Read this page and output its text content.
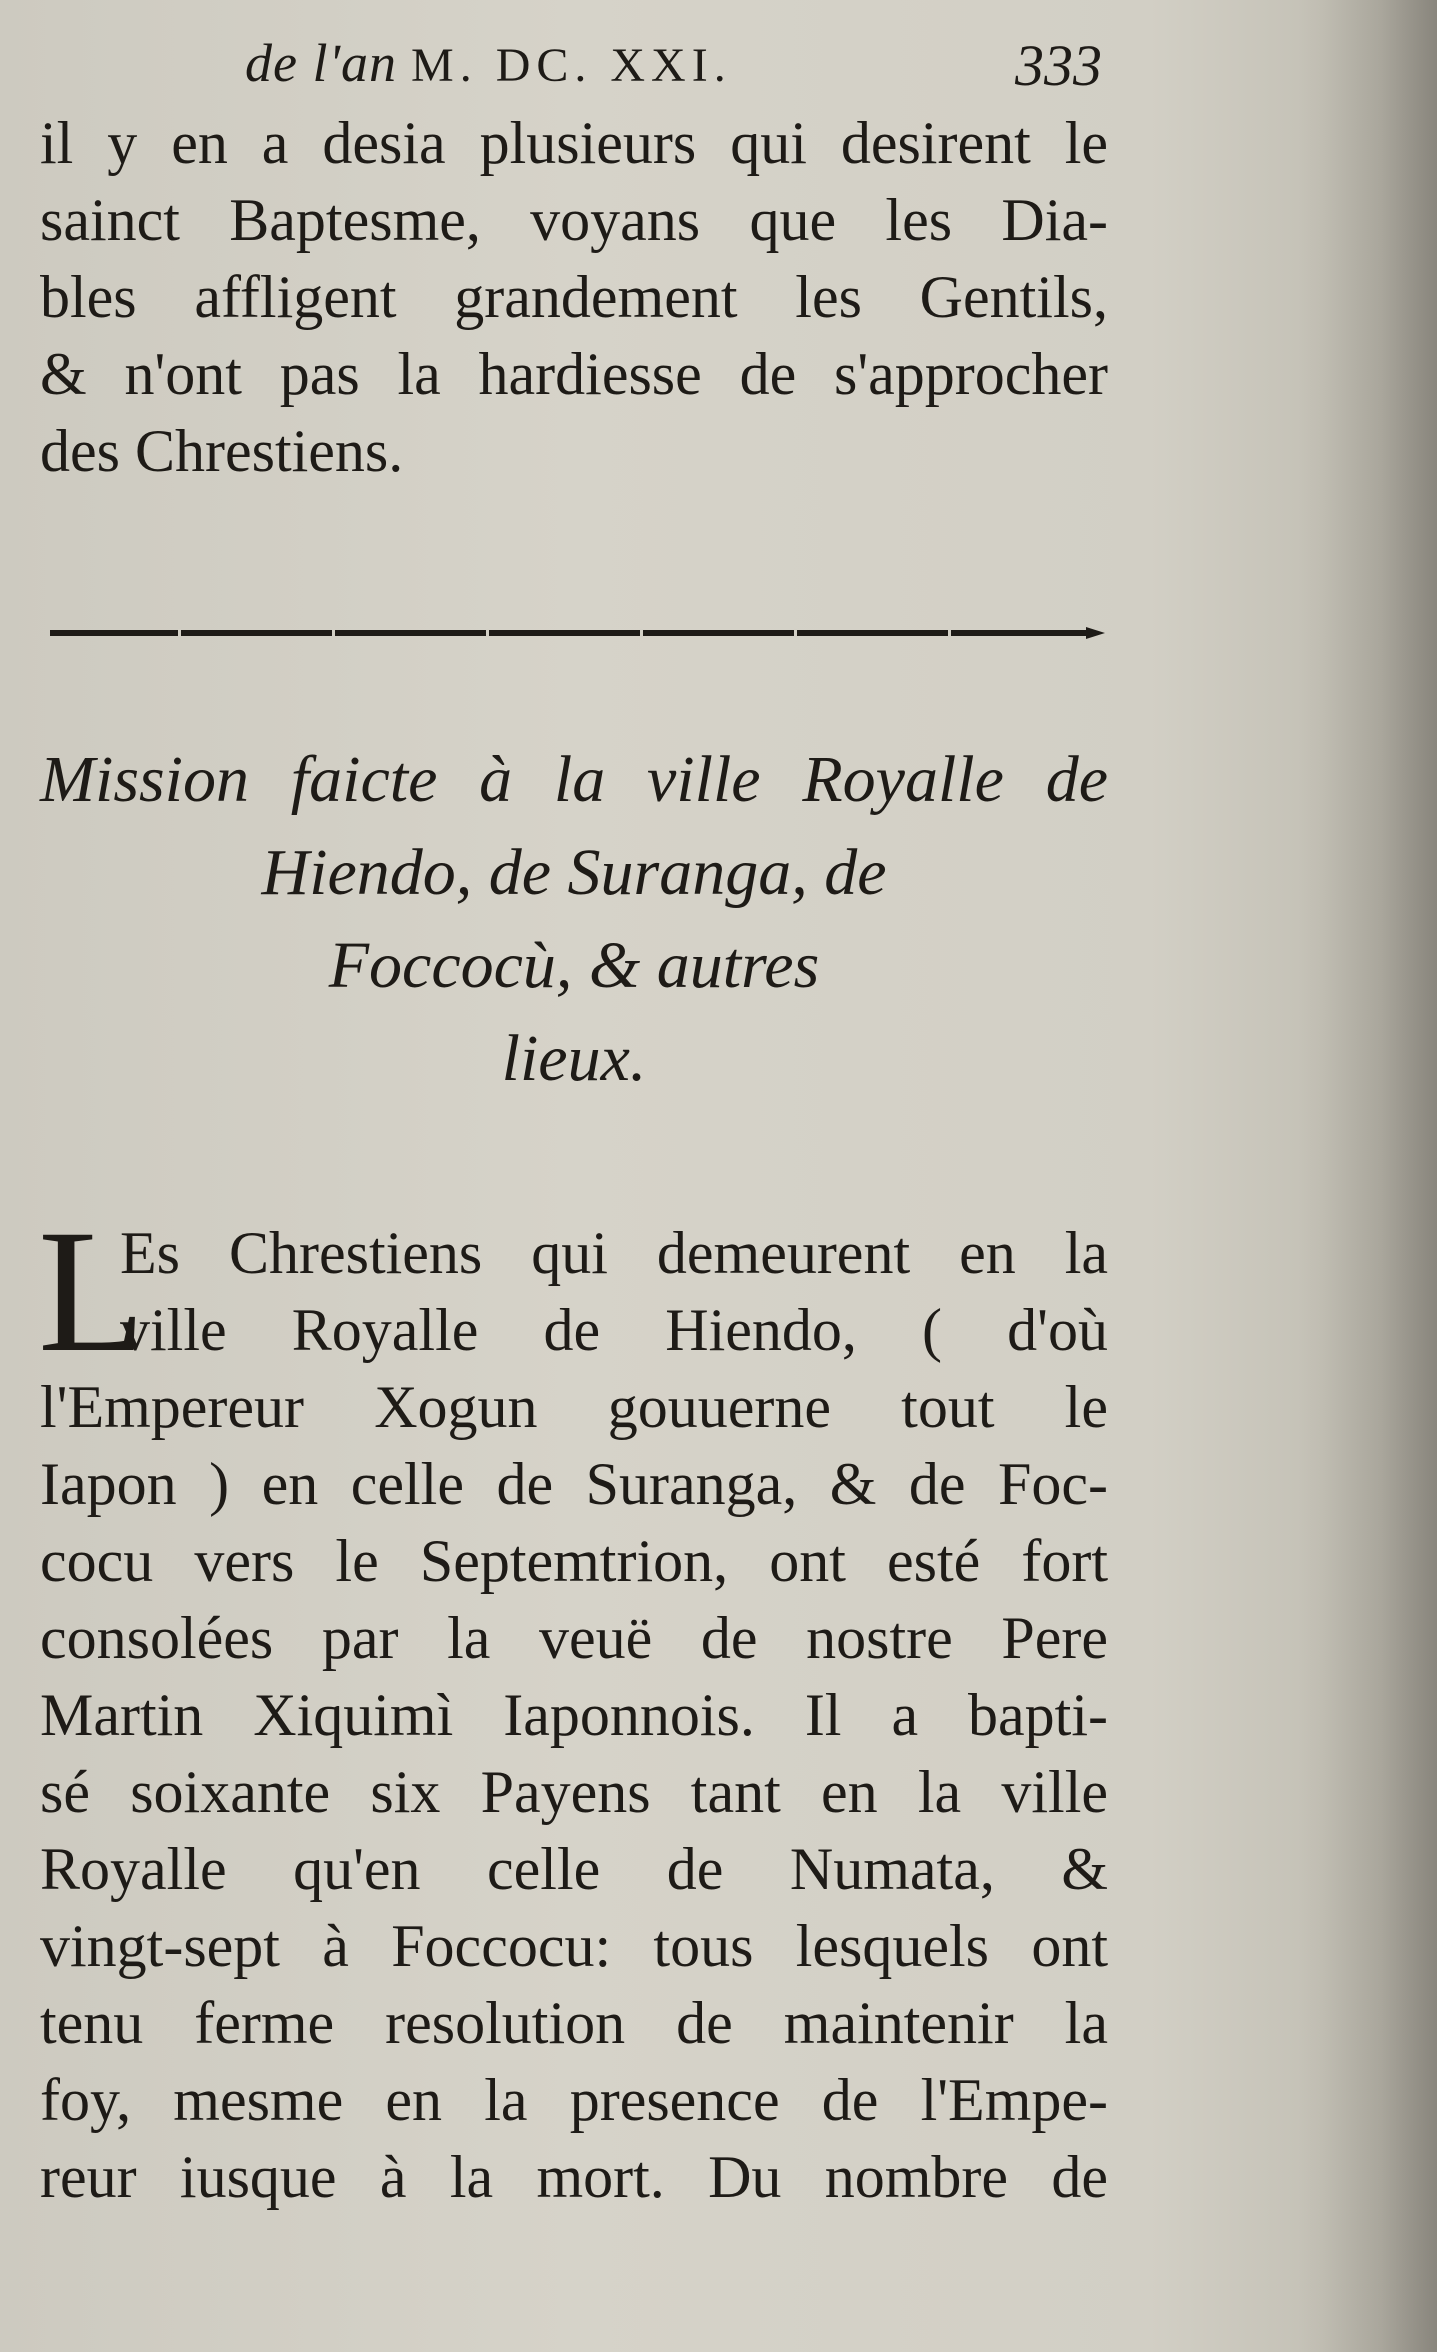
de l'an M. DC. XXI.	333
il y en a desia plusieurs qui desirent le
sainct Baptesme, voyans que les Dia-
bles affligent grandement les Gentils,
& n'ont pas la hardiesse de s'approcher
des Chrestiens.
Mission faicte à la ville Royalle de
Hiendo, de Suranga, de
Foccocù, & autres
lieux.
L
Es Chrestiens qui demeurent en la
ville Royalle de Hiendo, ( d'où
l'Empereur Xogun gouuerne tout le
Iapon ) en celle de Suranga, & de Foc-
cocu vers le Septemtrion, ont esté fort
consolées par la veuë de nostre Pere
Martin Xiquimì Iaponnois. Il a bapti-
sé soixante six Payens tant en la ville
Royalle qu'en celle de Numata, &
vingt-sept à Foccocu: tous lesquels ont
tenu ferme resolution de maintenir la
foy, mesme en la presence de l'Empe-
reur iusque à la mort. Du nombre de
